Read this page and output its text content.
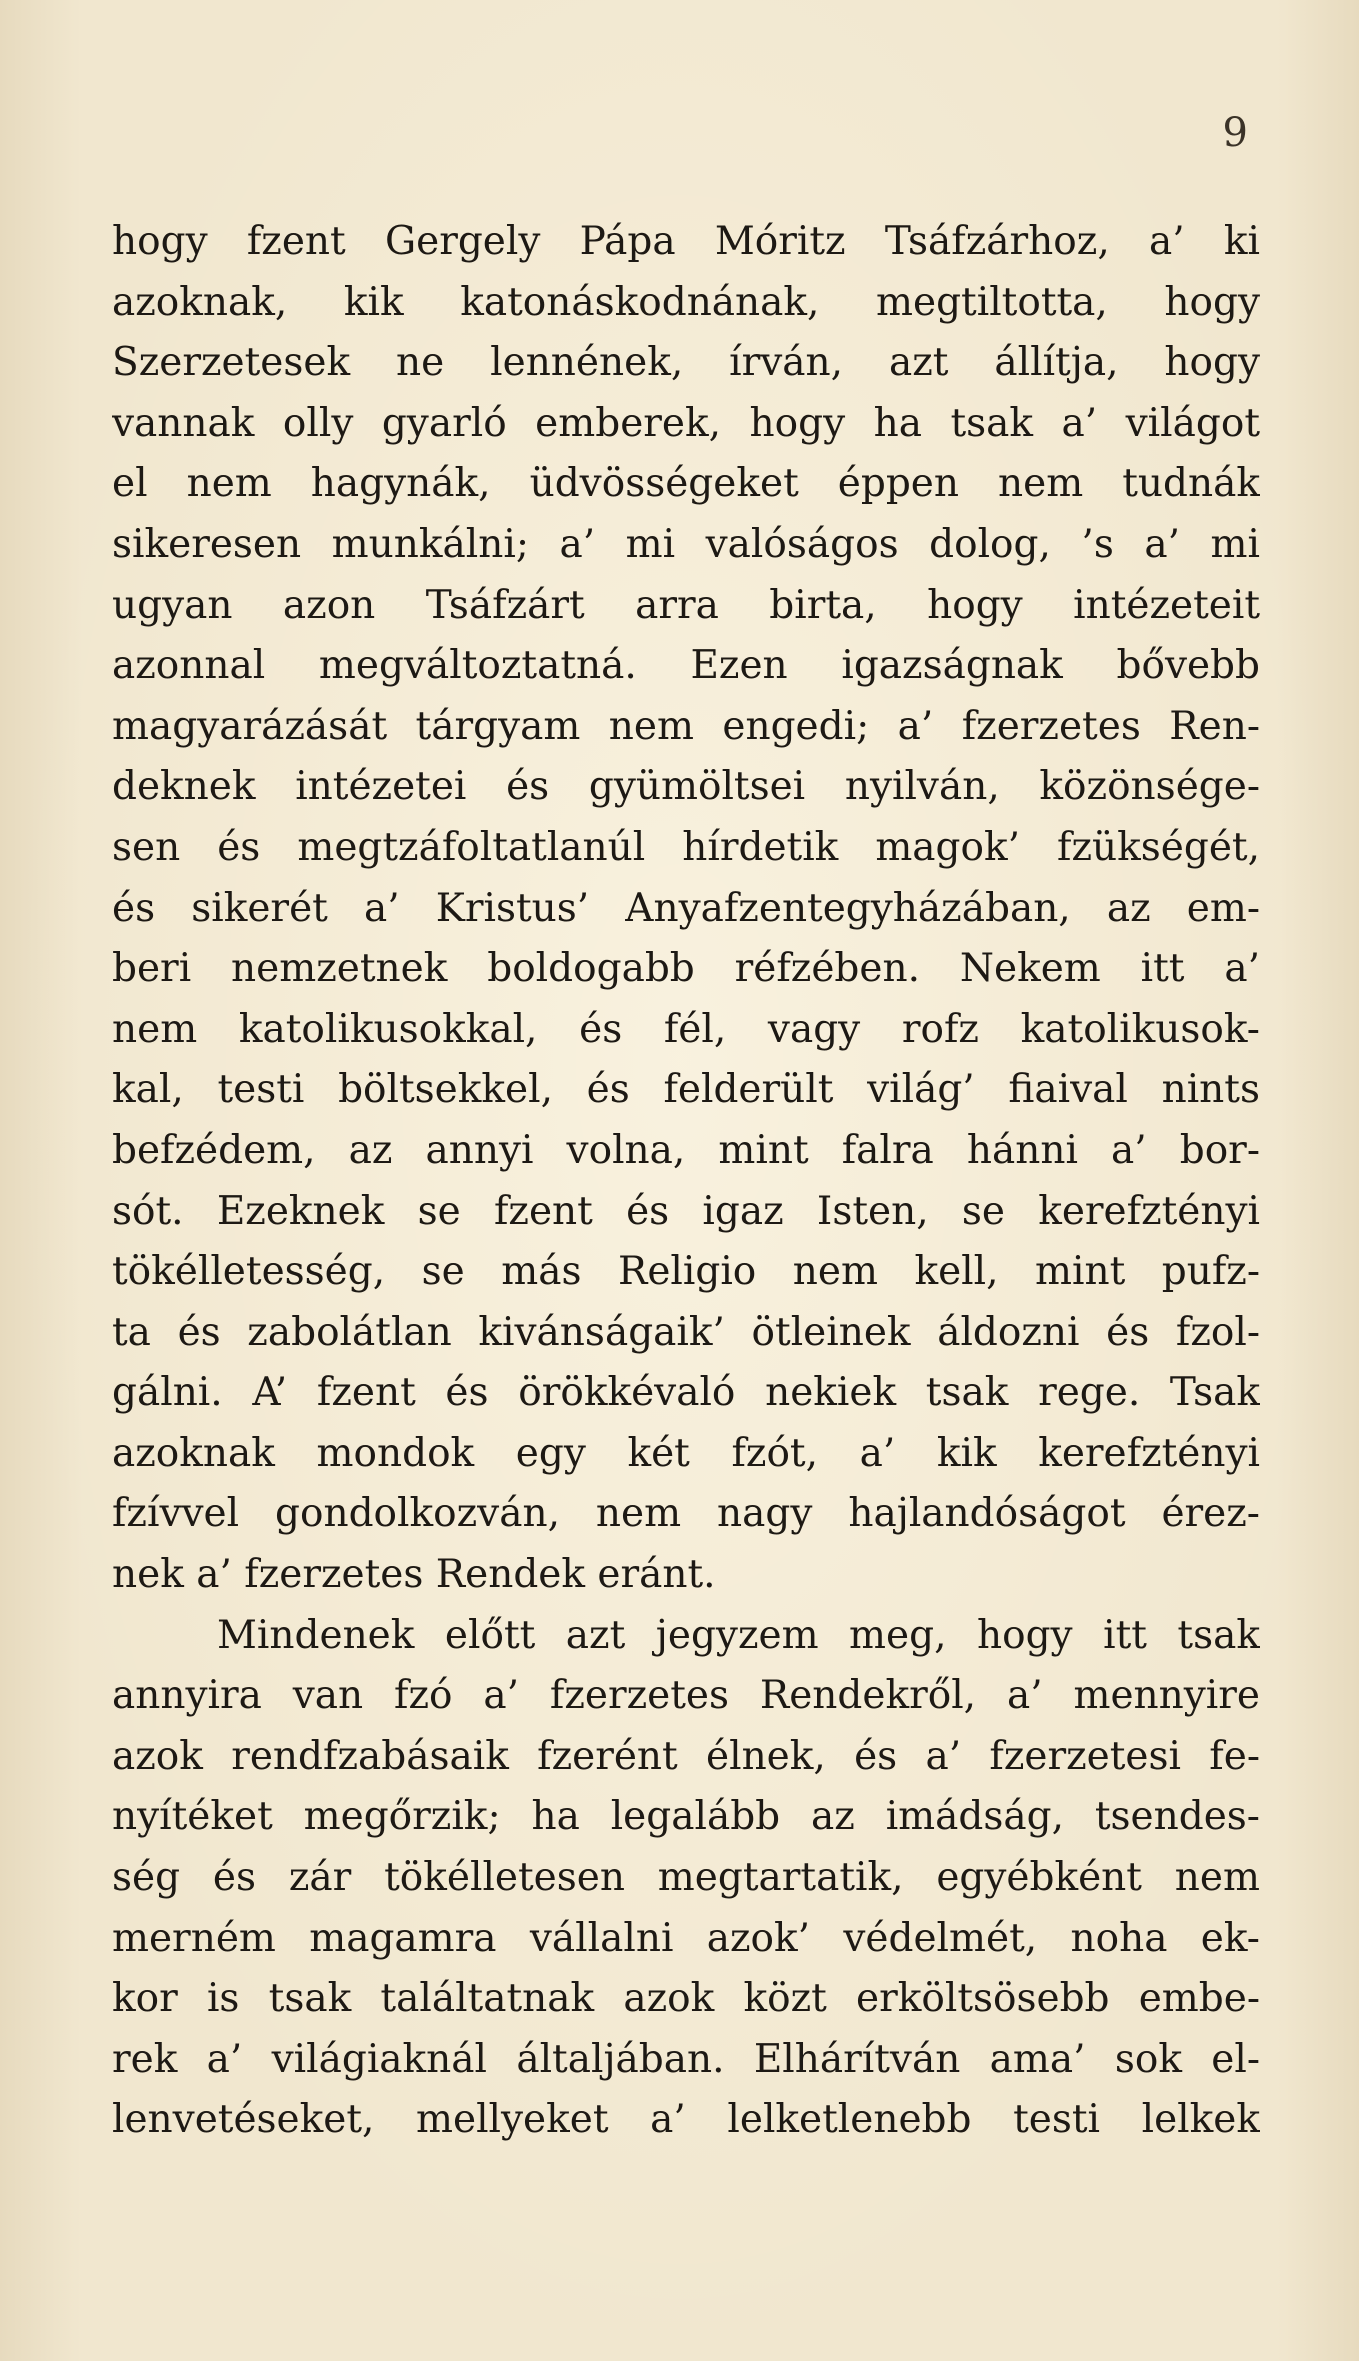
9
hogy fzent Gergely Pápa Móritz Tsáfzárhoz, a’ ki
azoknak, kik katonáskodnának, megtiltotta, hogy
Szerzetesek ne lennének, írván, azt állítja, hogy
vannak olly gyarló emberek, hogy ha tsak a’ világot
el nem hagynák, üdvösségeket éppen nem tudnák
sikeresen munkálni; a’ mi valóságos dolog, ’s a’ mi
ugyan azon Tsáfzárt arra birta, hogy intézeteit
azonnal megváltoztatná. Ezen igazságnak bővebb
magyarázását tárgyam nem engedi; a’ fzerzetes Ren-
deknek intézetei és gyümöltsei nyilván, közönsége-
sen és megtzáfoltatlanúl hírdetik magok’ fzükségét,
és sikerét a’ Kristus’ Anyafzentegyházában, az em-
beri nemzetnek boldogabb réfzében. Nekem itt a’
nem katolikusokkal, és fél, vagy rofz katolikusok-
kal, testi böltsekkel, és felderült világ’ fiaival nints
befzédem, az annyi volna, mint falra hánni a’ bor-
sót. Ezeknek se fzent és igaz Isten, se kerefztényi
tökélletesség, se más Religio nem kell, mint pufz-
ta és zabolátlan kivánságaik’ ötleinek áldozni és fzol-
gálni. A’ fzent és örökkévaló nekiek tsak rege. Tsak
azoknak mondok egy két fzót, a’ kik kerefztényi
fzívvel gondolkozván, nem nagy hajlandóságot érez-
nek a’ fzerzetes Rendek eránt.
Mindenek előtt azt jegyzem meg, hogy itt tsak
annyira van fzó a’ fzerzetes Rendekről, a’ mennyire
azok rendfzabásaik fzerént élnek, és a’ fzerzetesi fe-
nyítéket megőrzik; ha legalább az imádság, tsendes-
ség és zár tökélletesen megtartatik, egyébként nem
merném magamra vállalni azok’ védelmét, noha ek-
kor is tsak találtatnak azok közt erköltsösebb embe-
rek a’ világiaknál általjában. Elhárítván ama’ sok el-
lenvetéseket, mellyeket a’ lelketlenebb testi lelkek
